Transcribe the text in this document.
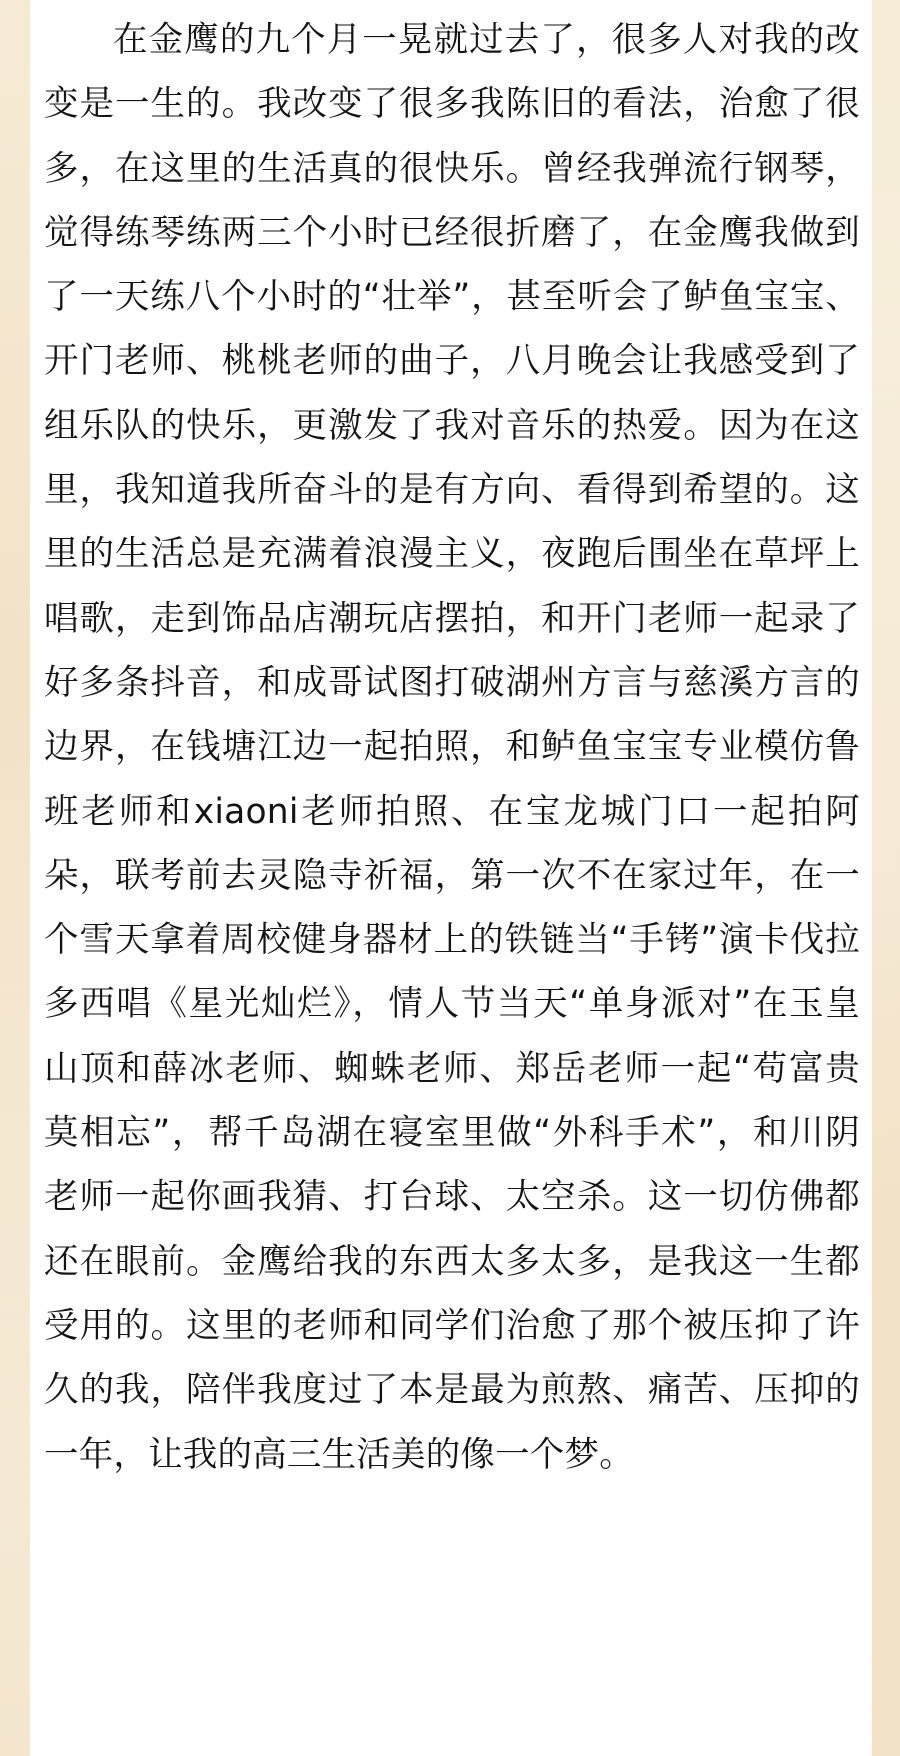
在金鹰的九个月一晃就过去了，很多人对我的改变是一生的。我改变了很多我陈旧的看法，治愈了很多，在这里的生活真的很快乐。曾经我弹流行钢琴，觉得练琴练两三个小时已经很折磨了，在金鹰我做到了一天练八个小时的“壮举”，甚至听会了鲈鱼宝宝、开门老师、桃桃老师的曲子，八月晚会让我感受到了组乐队的快乐，更激发了我对音乐的热爱。因为在这里，我知道我所奋斗的是有方向、看得到希望的。这里的生活总是充满着浪漫主义，夜跑后围坐在草坪上唱歌，走到饰品店潮玩店摆拍，和开门老师一起录了好多条抖音，和成哥试图打破湖州方言与慈溪方言的边界，在钱塘江边一起拍照，和鲈鱼宝宝专业模仿鲁班老师和xiaoni老师拍照、在宝龙城门口一起拍阿朵，联考前去灵隐寺祈福，第一次不在家过年，在一个雪天拿着周校健身器材上的铁链当“手铐”演卡伐拉多西唱《星光灿烂》，情人节当天“单身派对”在玉皇山顶和薛冰老师、蜘蛛老师、郑岳老师一起“苟富贵莫相忘”，帮千岛湖在寝室里做“外科手术”，和川阴老师一起你画我猜、打台球、太空杀。这一切仿佛都还在眼前。金鹰给我的东西太多太多，是我这一生都受用的。这里的老师和同学们治愈了那个被压抑了许久的我，陪伴我度过了本是最为煎熬、痛苦、压抑的一年，让我的高三生活美的像一个梦。
